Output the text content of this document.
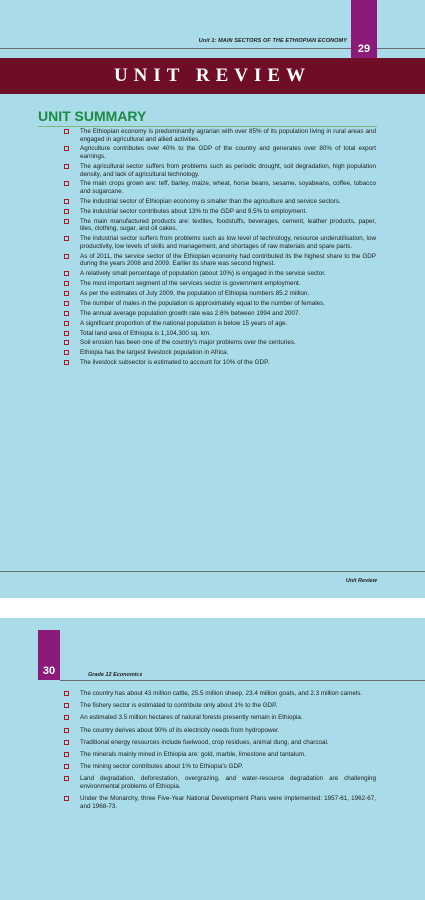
Unit 1: MAIN SECTORS OF THE ETHIOPIAN ECONOMY
29
UNIT REVIEW
UNIT SUMMARY
The Ethiopian economy is predominantly agrarian with over 85% of its population living in rural areas and engaged in agricultural and allied activities.
Agriculture contributes over 40% to the GDP of the country and generates over 80% of total export earnings.
The agricultural sector suffers from problems such as periodic drought, soil degradation, high population density, and lack of agricultural technology.
The main crops grown are: teff, barley, maize, wheat, horse beans, sesame, soyabeans, coffee, tobacco and sugarcane.
The industrial sector of Ethiopian economy is smaller than the agriculture and service sectors.
The industrial sector contributes about 13% to the GDP and 9.5% to employment.
The main manufactured products are: textiles, foodstuffs, beverages, cement, leather products, paper, tiles, clothing, sugar, and oil cakes.
The industrial sector suffers from problems such as low level of technology, resource underutilisation, low productivity, low levels of skills and management, and shortages of raw materials and spare parts.
As of 2011, the service sector of the Ethiopian economy had contributed its the highest share to the GDP during the years 2008 and 2009. Earlier its share was second highest.
A relatively small percentage of population (about 10%) is engaged in the service sector.
The most important segment of the services sector is government employment.
As per the estimates of July 2009, the population of Ethiopia numbers 85.2 million.
The number of males in the population is approximately equal to the number of females.
The annual average population growth rate was 2.6% between 1994 and 2007.
A significant proportion of the national population is below 15 years of age.
Total land area of Ethiopia is 1,104,300 sq. km.
Soil erosion has been one of the country's major problems over the centuries.
Ethiopia has the largest livestock population in Africa.
The livestock subsector is estimated to account for 10% of the GDP.
Unit Review
30	Grade 12 Economics
The country has about 43 million cattle, 25.5 million sheep, 23.4 million goats, and 2.3 million camels.
The fishery sector is estimated to contribute only about 1% to the GDP.
An estimated 3.5 million hectares of natural forests presently remain in Ethiopia.
The country derives about 90% of its electricity needs from hydropower.
Traditional energy resources include fuelwood, crop residues, animal dung, and charcoal.
The minerals mainly mined in Ethiopia are: gold, marble, limestone and tantalum.
The mining sector contributes about 1% to Ethiopia's GDP.
Land degradation, deforestation, overgrazing, and water-resource degradation are challenging environmental problems of Ethiopia.
Under the Monarchy, three Five-Year National Development Plans were implemented: 1957-61, 1962-67, and 1968-73.
